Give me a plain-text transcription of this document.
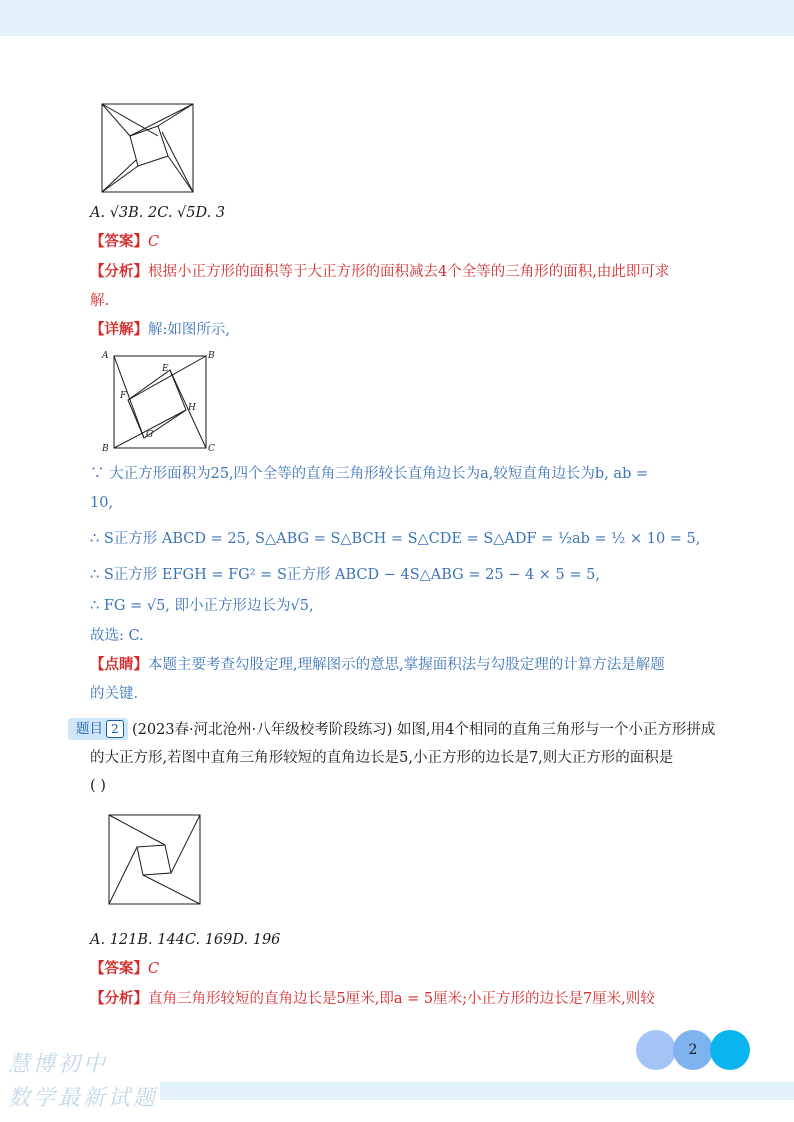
A. √3B. 2C. √5D. 3
【答案】C
【分析】根据小正方形的面积等于大正方形的面积减去4个全等的三角形的面积,由此即可求
解.
【详解】解:如图所示,
A	B
B	C
E
F
G
H
∵ 大正方形面积为25,四个全等的直角三角形较长直角边长为a,较短直角边长为b, ab =
10,
∴ S正方形 ABCD = 25, S△ABG = S△BCH = S△CDE = S△ADF = ½ab = ½ × 10 = 5,
∴ S正方形 EFGH = FG² = S正方形 ABCD − 4S△ABG = 25 − 4 × 5 = 5,
∴ FG = √5, 即小正方形边长为√5,
故选: C.
【点睛】本题主要考查勾股定理,理解图示的意思,掌握面积法与勾股定理的计算方法是解题
的关键.
题目 2 (2023春·河北沧州·八年级校考阶段练习) 如图,用4个相同的直角三角形与一个小正方形拼成
的大正方形,若图中直角三角形较短的直角边长是5,小正方形的边长是7,则大正方形的面积是
( )
A. 121B. 144C. 169D. 196
【答案】C
【分析】直角三角形较短的直角边长是5厘米,即a = 5厘米;小正方形的边长是7厘米,则较
2
慧博初中
数学最新试题
